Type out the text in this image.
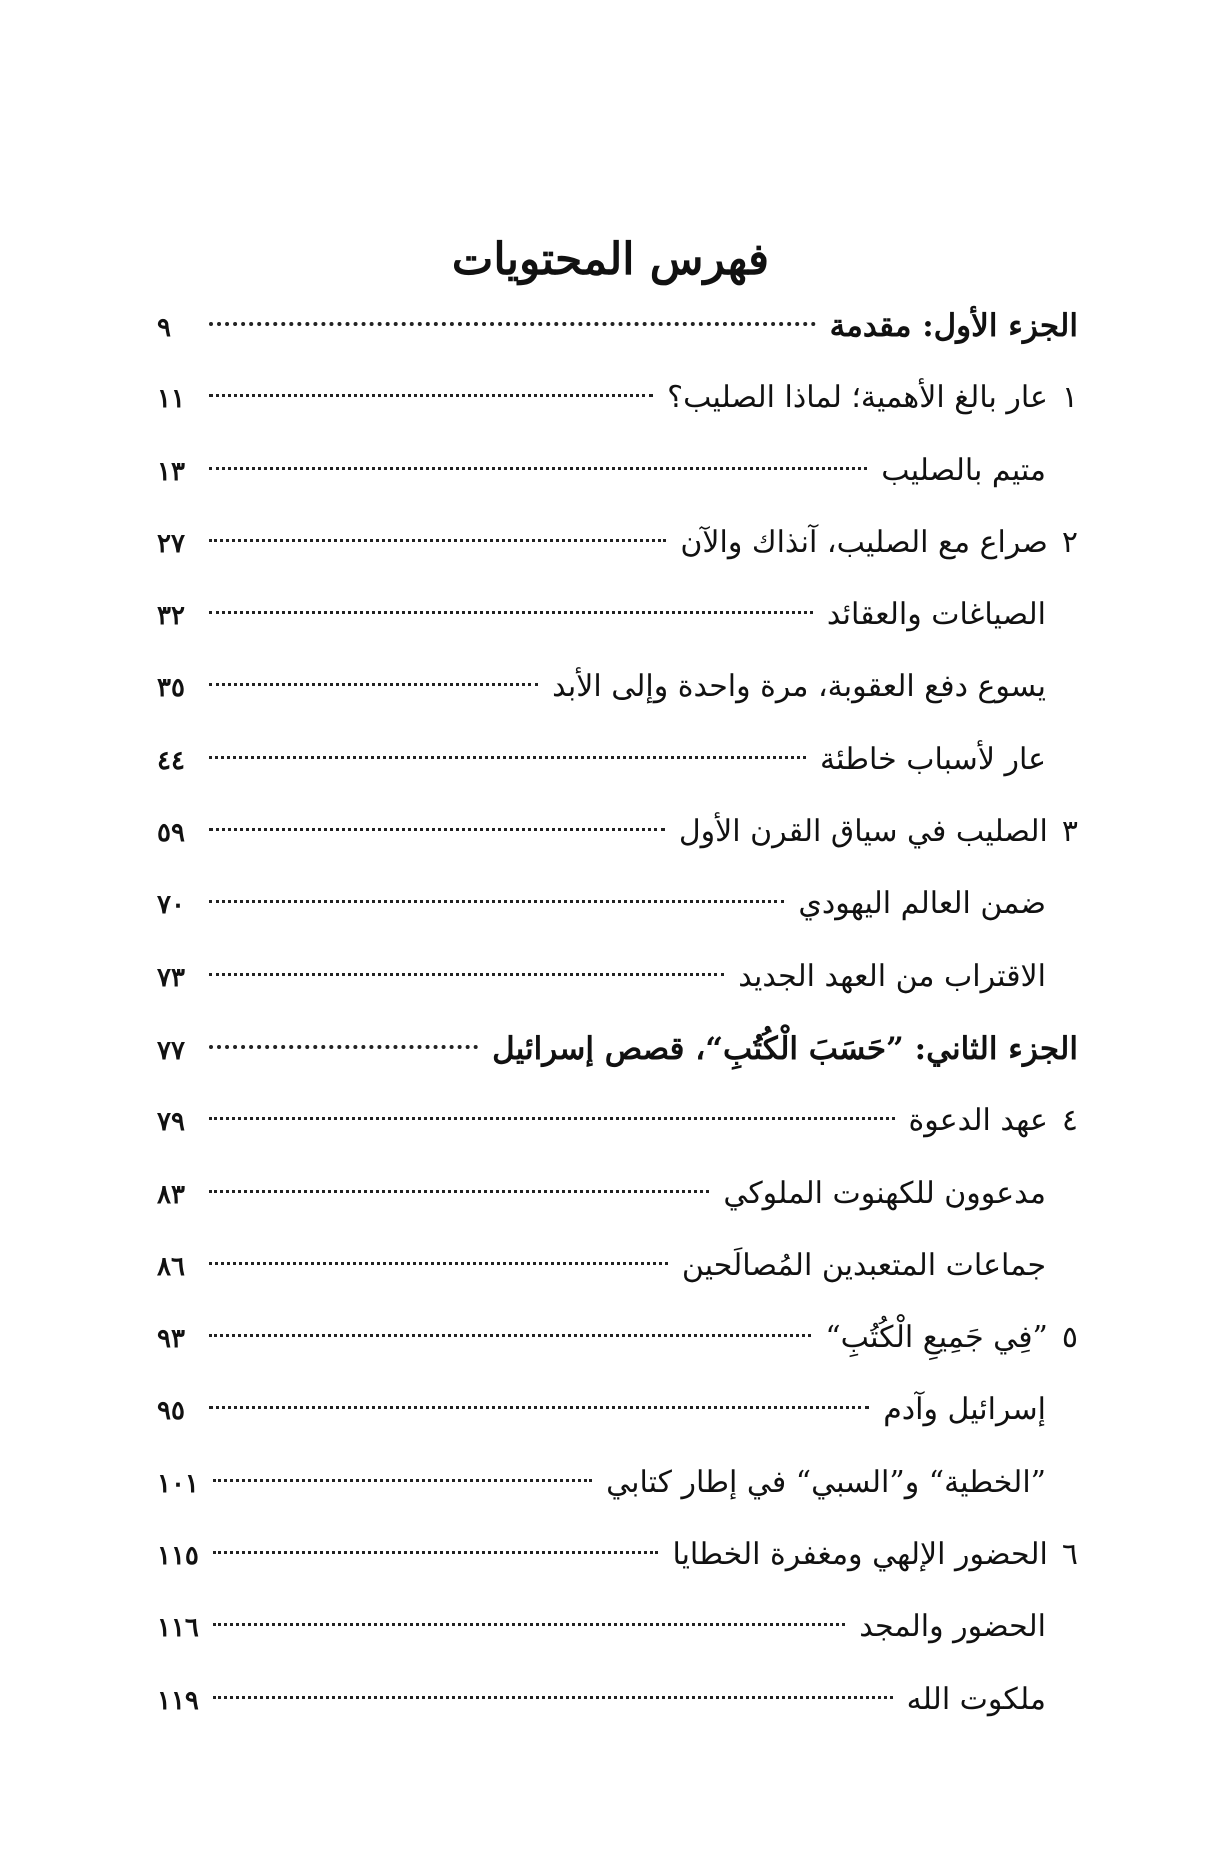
فهرس المحتويات
الجزء الأول: مقدمة
٩
١عار بالغ الأهمية؛ لماذا الصليب؟
١١
متيم بالصليب
١٣
٢صراع مع الصليب، آنذاك والآن
٢٧
الصياغات والعقائد
٣٢
يسوع دفع العقوبة، مرة واحدة وإلى الأبد
٣٥
عار لأسباب خاطئة
٤٤
٣الصليب في سياق القرن الأول
٥٩
ضمن العالم اليهودي
٧٠
الاقتراب من العهد الجديد
٧٣
الجزء الثاني: ”حَسَبَ الْكُتُبِ“، قصص إسرائيل
٧٧
٤عهد الدعوة
٧٩
مدعوون للكهنوت الملوكي
٨٣
جماعات المتعبدين المُصالَحين
٨٦
٥”فِي جَمِيعِ الْكُتُبِ“
٩٣
إسرائيل وآدم
٩٥
”الخطية“ و”السبي“ في إطار كتابي
١٠١
٦الحضور الإلهي ومغفرة الخطايا
١١٥
الحضور والمجد
١١٦
ملكوت الله
١١٩
